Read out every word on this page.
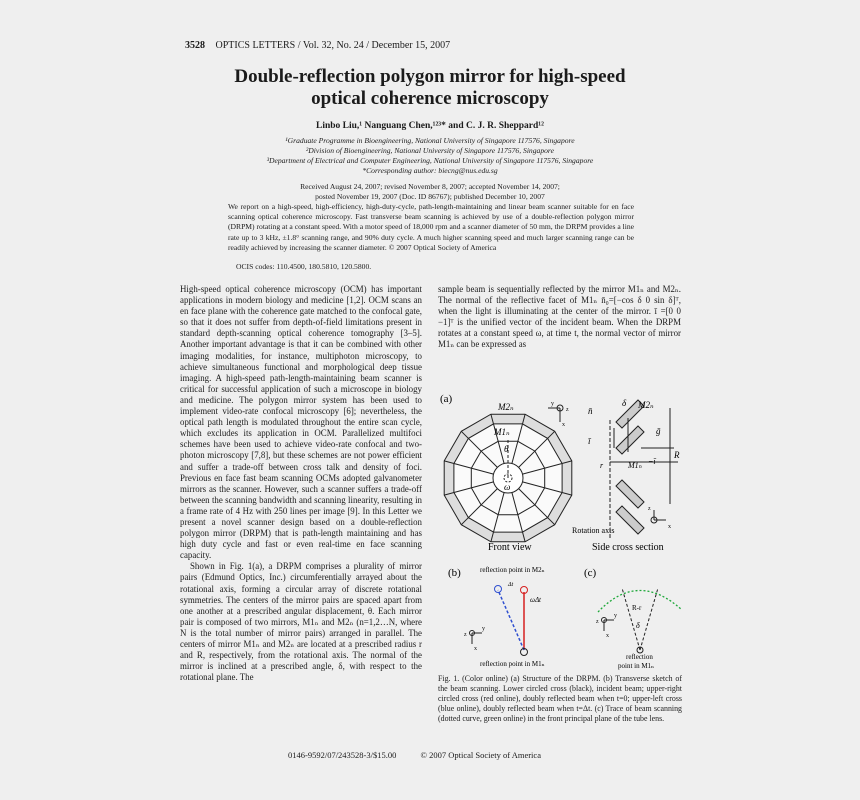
3528 OPTICS LETTERS / Vol. 32, No. 24 / December 15, 2007
Double-reflection polygon mirror for high-speed
optical coherence microscopy
Linbo Liu,¹ Nanguang Chen,¹²³* and C. J. R. Sheppard¹²
¹Graduate Programme in Bioengineering, National University of Singapore 117576, Singapore
²Division of Bioengineering, National University of Singapore 117576, Singapore
³Department of Electrical and Computer Engineering, National University of Singapore 117576, Singapore
*Corresponding author: biecng@nus.edu.sg
Received August 24, 2007; revised November 8, 2007; accepted November 14, 2007;
posted November 19, 2007 (Doc. ID 86767); published December 10, 2007
We report on a high-speed, high-efficiency, high-duty-cycle, path-length-maintaining and linear beam scanner suitable for en face scanning optical coherence microscopy. Fast transverse beam scanning is achieved by use of a double-reflection polygon mirror (DRPM) rotating at a constant speed. With a motor speed of 18,000 rpm and a scanner diameter of 50 mm, the DRPM provides a line rate up to 3 kHz, ±1.8° scanning range, and 90% duty cycle. A much higher scanning speed and much larger scanning range can be readily achieved by increasing the scanner diameter. © 2007 Optical Society of America
OCIS codes: 110.4500, 180.5810, 120.5800.

High-speed optical coherence microscopy (OCM) has important applications in modern biology and medicine [1,2]. OCM scans an en face plane with the coherence gate matched to the confocal gate, so that it does not suffer from depth-of-field limitations present in standard depth-scanning optical coherence tomography [3–5]. Another important advantage is that it can be combined with other imaging modalities, for instance, multiphoton microscopy, to achieve simultaneous functional and morphological deep tissue imaging. A high-speed path-length-maintaining beam scanner is critical for successful application of such a microscope in biology and medicine. The polygon mirror system has been used to implement video-rate confocal microscopy [6]; nevertheless, the optical path length is modulated throughout the entire scan cycle, which excludes its application in OCM. Parallelized multifoci schemes have been used to achieve video-rate confocal and two-photon microscopy [7,8], but these schemes are not power efficient and suffer a trade-off between cross talk and density of foci. Previous en face fast beam scanning OCMs adopted galvanometer mirrors as the scanner. However, such a scanner suffers a trade-off between the scanning bandwidth and scanning linearity, resulting in a frame rate of 4 Hz with 250 lines per image [9]. In this Letter we present a novel scanner design based on a double-reflection polygon mirror (DRPM) that is path-length maintaining and has high duty cycle and fast or even real-time en face scanning capacity.

Shown in Fig. 1(a), a DRPM comprises a plurality of mirror pairs (Edmund Optics, Inc.) circumferentially arrayed about the rotational axis, forming a circular array of discrete rotational symmetries. The centers of the mirror pairs are spaced apart from one another at a prescribed angular displacement, θ. Each mirror pair is composed of two mirrors, M1ₙ and M2ₙ (n=1,2…N, where N is the total number of mirror pairs) arranged in parallel. The centers of mirror M1ₙ and M2ₙ are located at a prescribed radius r and R, respectively, from the rotational axis. The normal of the mirror is inclined at a prescribed angle, δ, with respect to the rotational plane. The

sample beam is sequentially reflected by the mirror M1ₙ and M2ₙ. The normal of the reflective facet of M1ₙ n̄₀=[−cos δ 0 sin δ]ᵀ, when the light is illuminating at the center of the mirror. ī =[0 0 −1]ᵀ is the unified vector of the incident beam. When the DRPM rotates at a constant speed ω, at time t, the normal vector of mirror M1ₙ can be expressed as

(a)
M2ₙ
M1ₙ
θ
ω
y
z
x
Front view
n̄
δ M2ₙ
ī
ḡ
r	M1ₙ −ī
R
Rotation axis
z
x
Side cross section
(b)	reflection point in M2ₙ
Δt
ωΔt
z
y
x
reflection point in M1ₙ
(c)
R-r
δ
z
y
x
reflection
point in M1ₙ
Fig. 1. (Color online) (a) Structure of the DRPM. (b) Transverse sketch of the beam scanning. Lower circled cross (black), incident beam; upper-right circled cross (red online), doubly reflected beam when t=0; upper-left cross (blue online), doubly reflected beam when t=Δt. (c) Trace of beam scanning (dotted curve, green online) in the front principal plane of the tube lens.
0146-9592/07/243528-3/$15.00	© 2007 Optical Society of America
